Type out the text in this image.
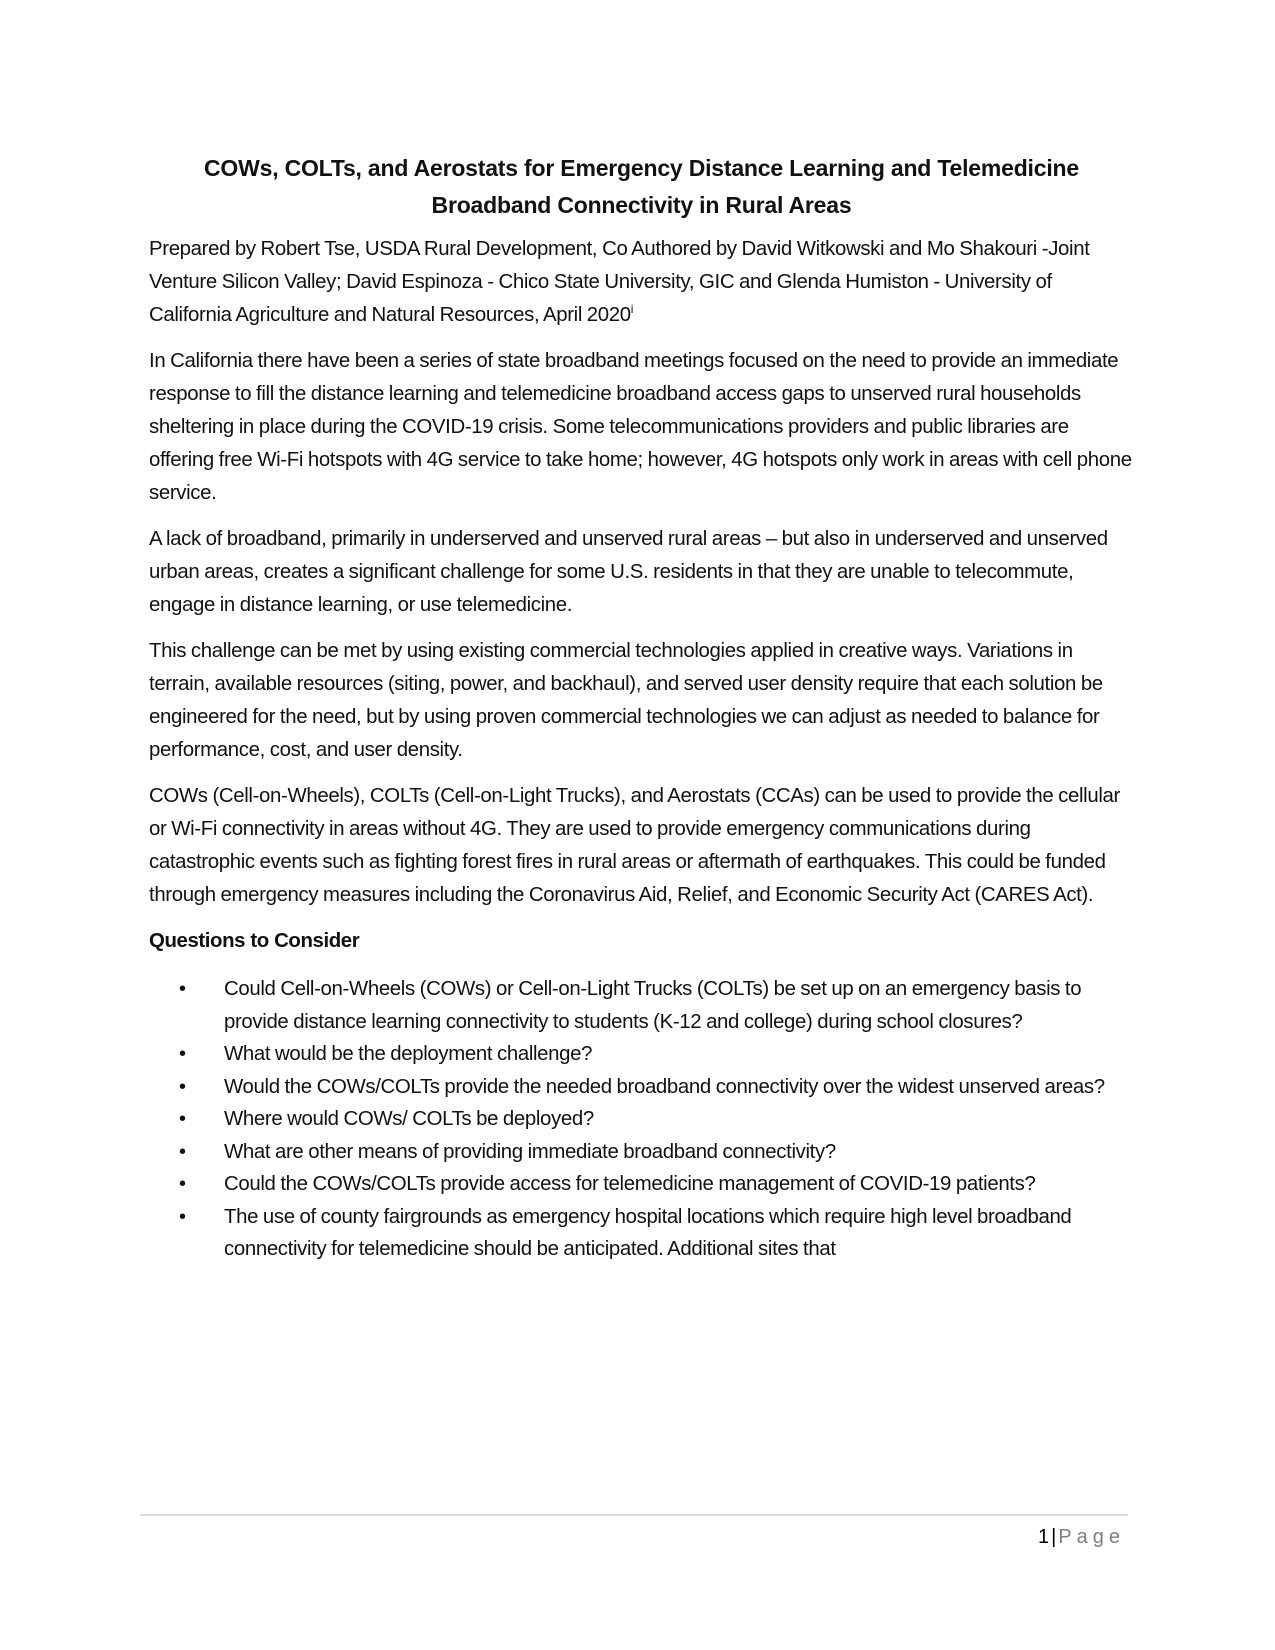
COWs, COLTs, and Aerostats for Emergency Distance Learning and Telemedicine
Broadband Connectivity in Rural Areas

Prepared by Robert Tse, USDA Rural Development, Co Authored by David Witkowski and Mo Shakouri -Joint Venture Silicon Valley; David Espinoza - Chico State University, GIC and Glenda Humiston - University of California Agriculture and Natural Resources, April 2020$^i$

In California there have been a series of state broadband meetings focused on the need to provide an immediate response to fill the distance learning and telemedicine broadband access gaps to unserved rural households sheltering in place during the COVID-19 crisis. Some telecommunications providers and public libraries are offering free Wi-Fi hotspots with 4G service to take home; however, 4G hotspots only work in areas with cell phone service.

A lack of broadband, primarily in underserved and unserved rural areas – but also in underserved and unserved urban areas, creates a significant challenge for some U.S. residents in that they are unable to telecommute, engage in distance learning, or use telemedicine.

This challenge can be met by using existing commercial technologies applied in creative ways. Variations in terrain, available resources (siting, power, and backhaul), and served user density require that each solution be engineered for the need, but by using proven commercial technologies we can adjust as needed to balance for performance, cost, and user density.

COWs (Cell-on-Wheels), COLTs (Cell-on-Light Trucks), and Aerostats (CCAs) can be used to provide the cellular or Wi-Fi connectivity in areas without 4G. They are used to provide emergency communications during catastrophic events such as fighting forest fires in rural areas or aftermath of earthquakes. This could be funded through emergency measures including the Coronavirus Aid, Relief, and Economic Security Act (CARES Act).

Questions to Consider
• Could Cell-on-Wheels (COWs) or Cell-on-Light Trucks (COLTs) be set up on an emergency basis to provide distance learning connectivity to students (K-12 and college) during school closures?
• What would be the deployment challenge?
• Would the COWs/COLTs provide the needed broadband connectivity over the widest unserved areas?
• Where would COWs/ COLTs be deployed?
• What are other means of providing immediate broadband connectivity?
• Could the COWs/COLTs provide access for telemedicine management of COVID-19 patients?
• The use of county fairgrounds as emergency hospital locations which require high level broadband connectivity for telemedicine should be anticipated. Additional sites that
1 | Page
